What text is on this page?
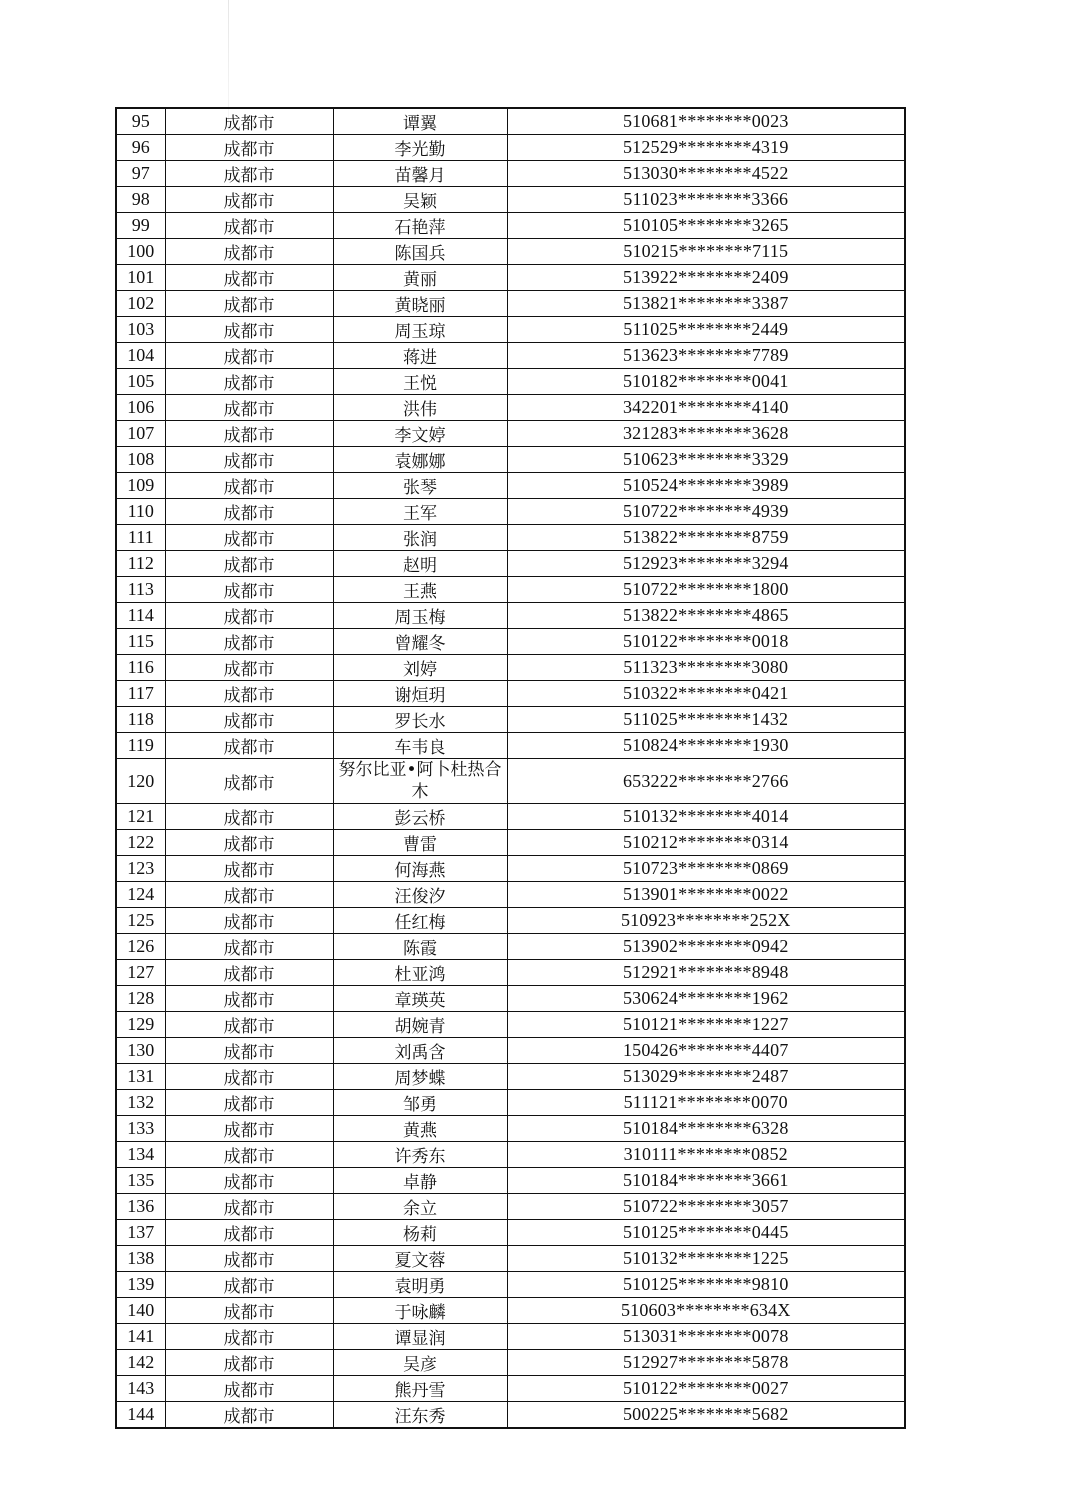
95	成都市	谭翼	510681********0023
96	成都市	李光勤	512529********4319
97	成都市	苗馨月	513030********4522
98	成都市	吴颖	511023********3366
99	成都市	石艳萍	510105********3265
100	成都市	陈国兵	510215********7115
101	成都市	黄丽	513922********2409
102	成都市	黄晓丽	513821********3387
103	成都市	周玉琼	511025********2449
104	成都市	蒋进	513623********7789
105	成都市	王悦	510182********0041
106	成都市	洪伟	342201********4140
107	成都市	李文婷	321283********3628
108	成都市	袁娜娜	510623********3329
109	成都市	张琴	510524********3989
110	成都市	王军	510722********4939
111	成都市	张润	513822********8759
112	成都市	赵明	512923********3294
113	成都市	王燕	510722********1800
114	成都市	周玉梅	513822********4865
115	成都市	曾耀冬	510122********0018
116	成都市	刘婷	511323********3080
117	成都市	谢烜玥	510322********0421
118	成都市	罗长水	511025********1432
119	成都市	车韦良	510824********1930
120	成都市	努尔比亚•阿卜杜热合木	653222********2766
121	成都市	彭云桥	510132********4014
122	成都市	曹雷	510212********0314
123	成都市	何海燕	510723********0869
124	成都市	汪俊汐	513901********0022
125	成都市	任红梅	510923********252X
126	成都市	陈霞	513902********0942
127	成都市	杜亚鸿	512921********8948
128	成都市	章瑛英	530624********1962
129	成都市	胡婉青	510121********1227
130	成都市	刘禹含	150426********4407
131	成都市	周梦蝶	513029********2487
132	成都市	邹勇	511121********0070
133	成都市	黄燕	510184********6328
134	成都市	许秀东	310111********0852
135	成都市	卓静	510184********3661
136	成都市	余立	510722********3057
137	成都市	杨莉	510125********0445
138	成都市	夏文蓉	510132********1225
139	成都市	袁明勇	510125********9810
140	成都市	于咏麟	510603********634X
141	成都市	谭显润	513031********0078
142	成都市	吴彦	512927********5878
143	成都市	熊丹雪	510122********0027
144	成都市	汪东秀	500225********5682
